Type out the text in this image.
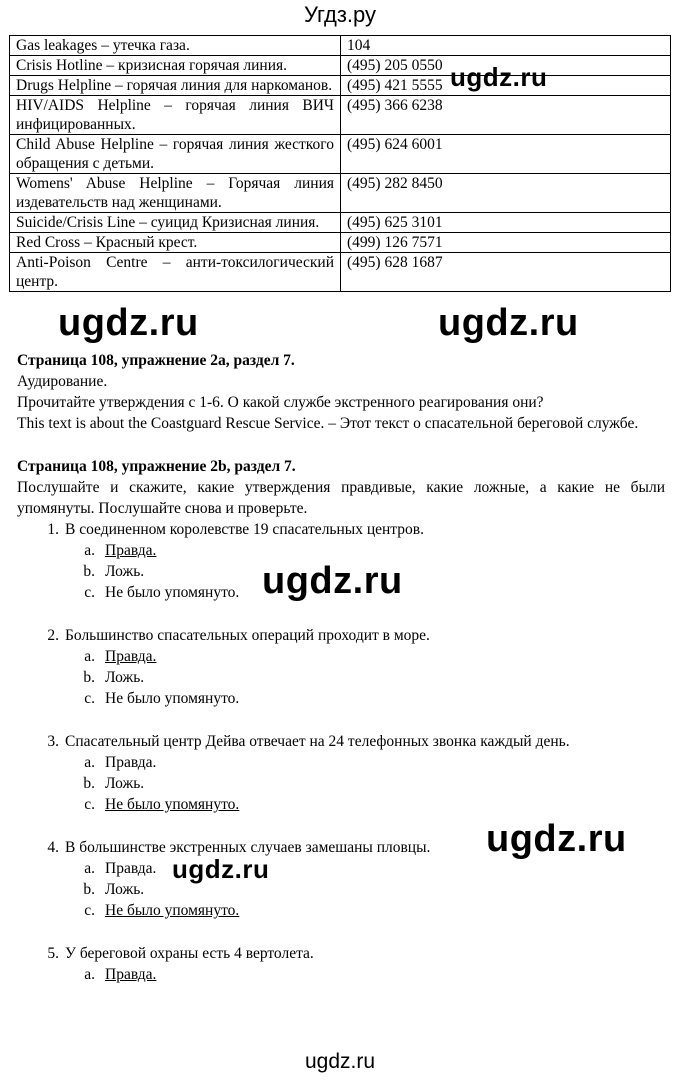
Угдз.ру
Gas leakages – утечка газа.	104
Crisis Hotline – кризисная горячая линия.	(495) 205 0550
Drugs Helpline – горячая линия для наркоманов.	(495) 421 5555
HIV/AIDS Helpline – горячая линия ВИЧ инфицированных.	(495) 366 6238
Child Abuse Helpline – горячая линия жесткого обращения с детьми.	(495) 624 6001
Womens' Abuse Helpline – Горячая линия издевательств над женщинами.	(495) 282 8450
Suicide/Crisis Line – суицид Кризисная линия.	(495) 625 3101
Red Cross – Красный крест.	(499) 126 7571
Anti-Poison Centre – анти-токсилогический центр.	(495) 628 1687

Страница 108, упражнение 2а, раздел 7.

Аудирование.

Прочитайте утверждения с 1-6. О какой службе экстренного реагирования они?

This text is about the Coastguard Rescue Service. – Этот текст о спасательной береговой службе.

Страница 108, упражнение 2b, раздел 7.

Послушайте и скажите, какие утверждения правдивые, какие ложные, а какие не были упомянуты. Послушайте снова и проверьте.

1. В соединенном королевстве 19 спасательных центров.
a. Правда.
b. Ложь.
c. Не было упомянуто.
2. Большинство спасательных операций проходит в море.
a. Правда.
b. Ложь.
c. Не было упомянуто.
3. Спасательный центр Дейва отвечает на 24 телефонных звонка каждый день.
a. Правда.
b. Ложь.
c. Не было упомянуто.
4. В большинстве экстренных случаев замешаны пловцы.
a. Правда.
b. Ложь.
c. Не было упомянуто.
5. У береговой охраны есть 4 вертолета.
a. Правда.
ugdz.ru
ugdz.ru	ugdz.ru
ugdz.ru
ugdz.ru
ugdz.ru
ugdz.ru
